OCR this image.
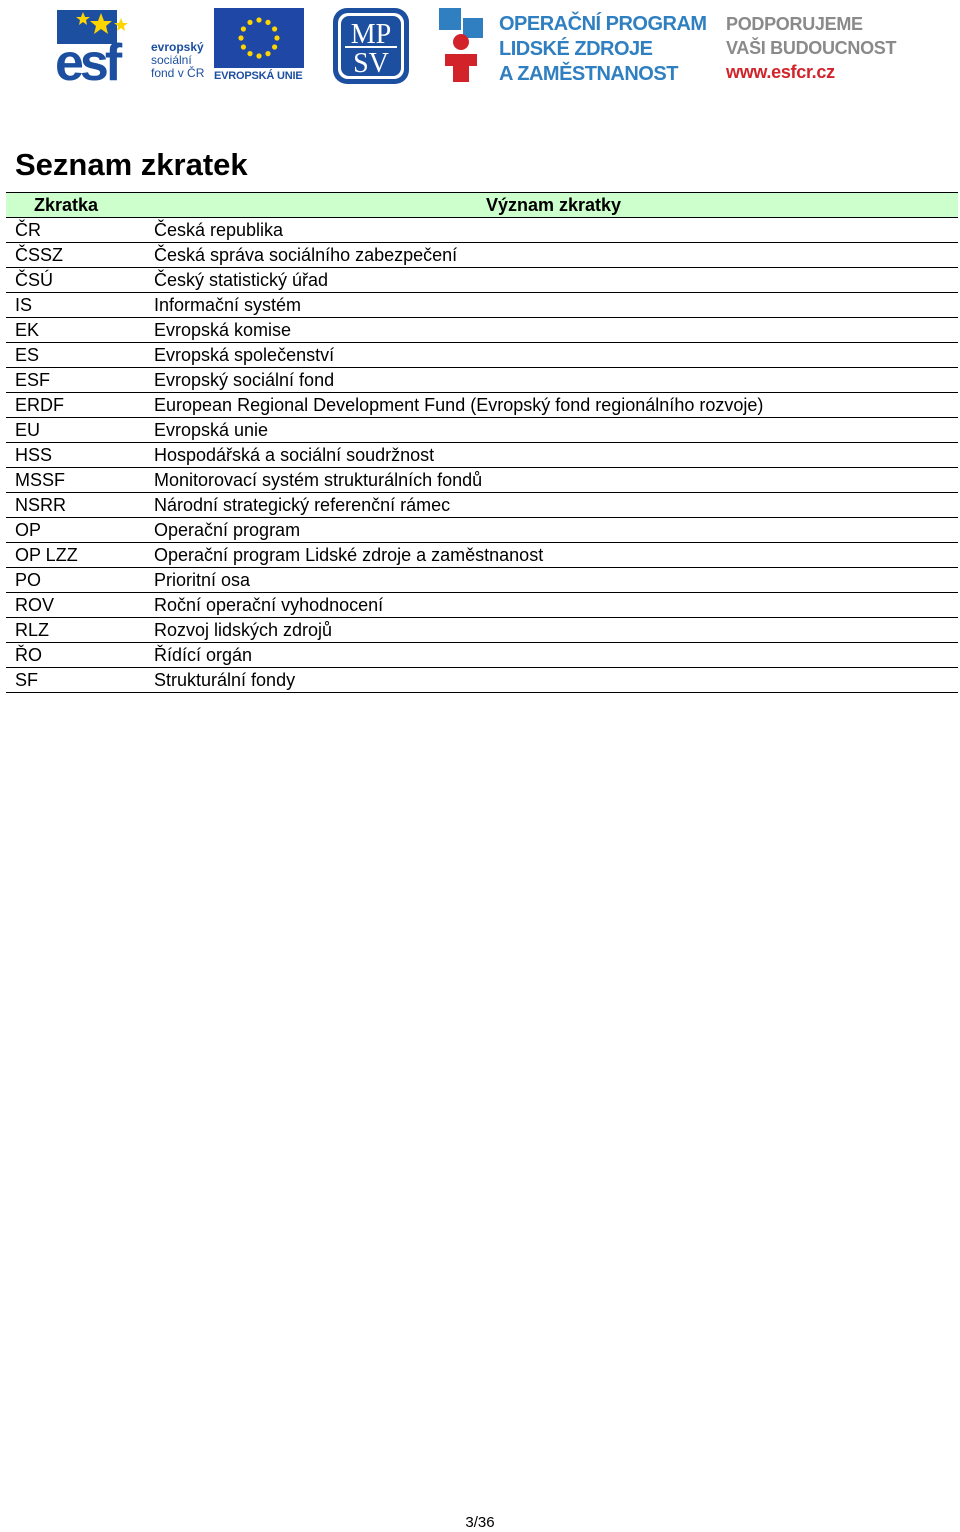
esf	evropský
sociální
fond v ČR EVROPSKÁ UNIE
MP
SV
OPERAČNÍ PROGRAM
LIDSKÉ ZDROJE
A ZAMĚSTNANOST
PODPORUJEME
VAŠI BUDOUCNOST
www.esfcr.cz
Seznam zkratek
Zkratka	Význam zkratky
ČR	Česká republika
ČSSZ	Česká správa sociálního zabezpečení
ČSÚ	Český statistický úřad
IS	Informační systém
EK	Evropská komise
ES	Evropská společenství
ESF	Evropský sociální fond
ERDF	European Regional Development Fund (Evropský fond regionálního rozvoje)
EU	Evropská unie
HSS	Hospodářská a sociální soudržnost
MSSF	Monitorovací systém strukturálních fondů
NSRR	Národní strategický referenční rámec
OP	Operační program
OP LZZ	Operační program Lidské zdroje a zaměstnanost
PO	Prioritní osa
ROV	Roční operační vyhodnocení
RLZ	Rozvoj lidských zdrojů
ŘO	Řídící orgán
SF	Strukturální fondy
3/36
